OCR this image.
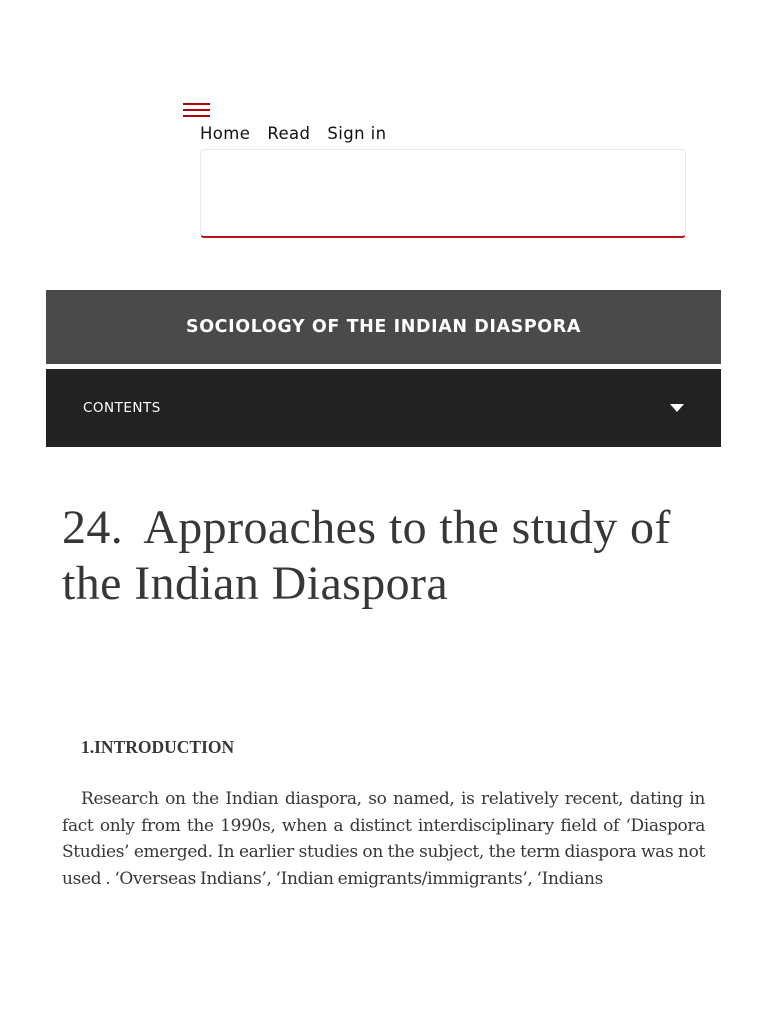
Home Read Sign in
SOCIOLOGY OF THE INDIAN DIASPORA
CONTENTS
24. Approaches to the study of the Indian Diaspora
1.INTRODUCTION

Research on the Indian diaspora, so named, is relatively recent, dating in fact only from the 1990s, when a distinct interdisciplinary field of ‘Diaspora Studies’ emerged. In earlier studies on the subject, the term diaspora was not used . ‘Overseas Indians’, ‘Indian emigrants/immigrants’, ‘Indians
